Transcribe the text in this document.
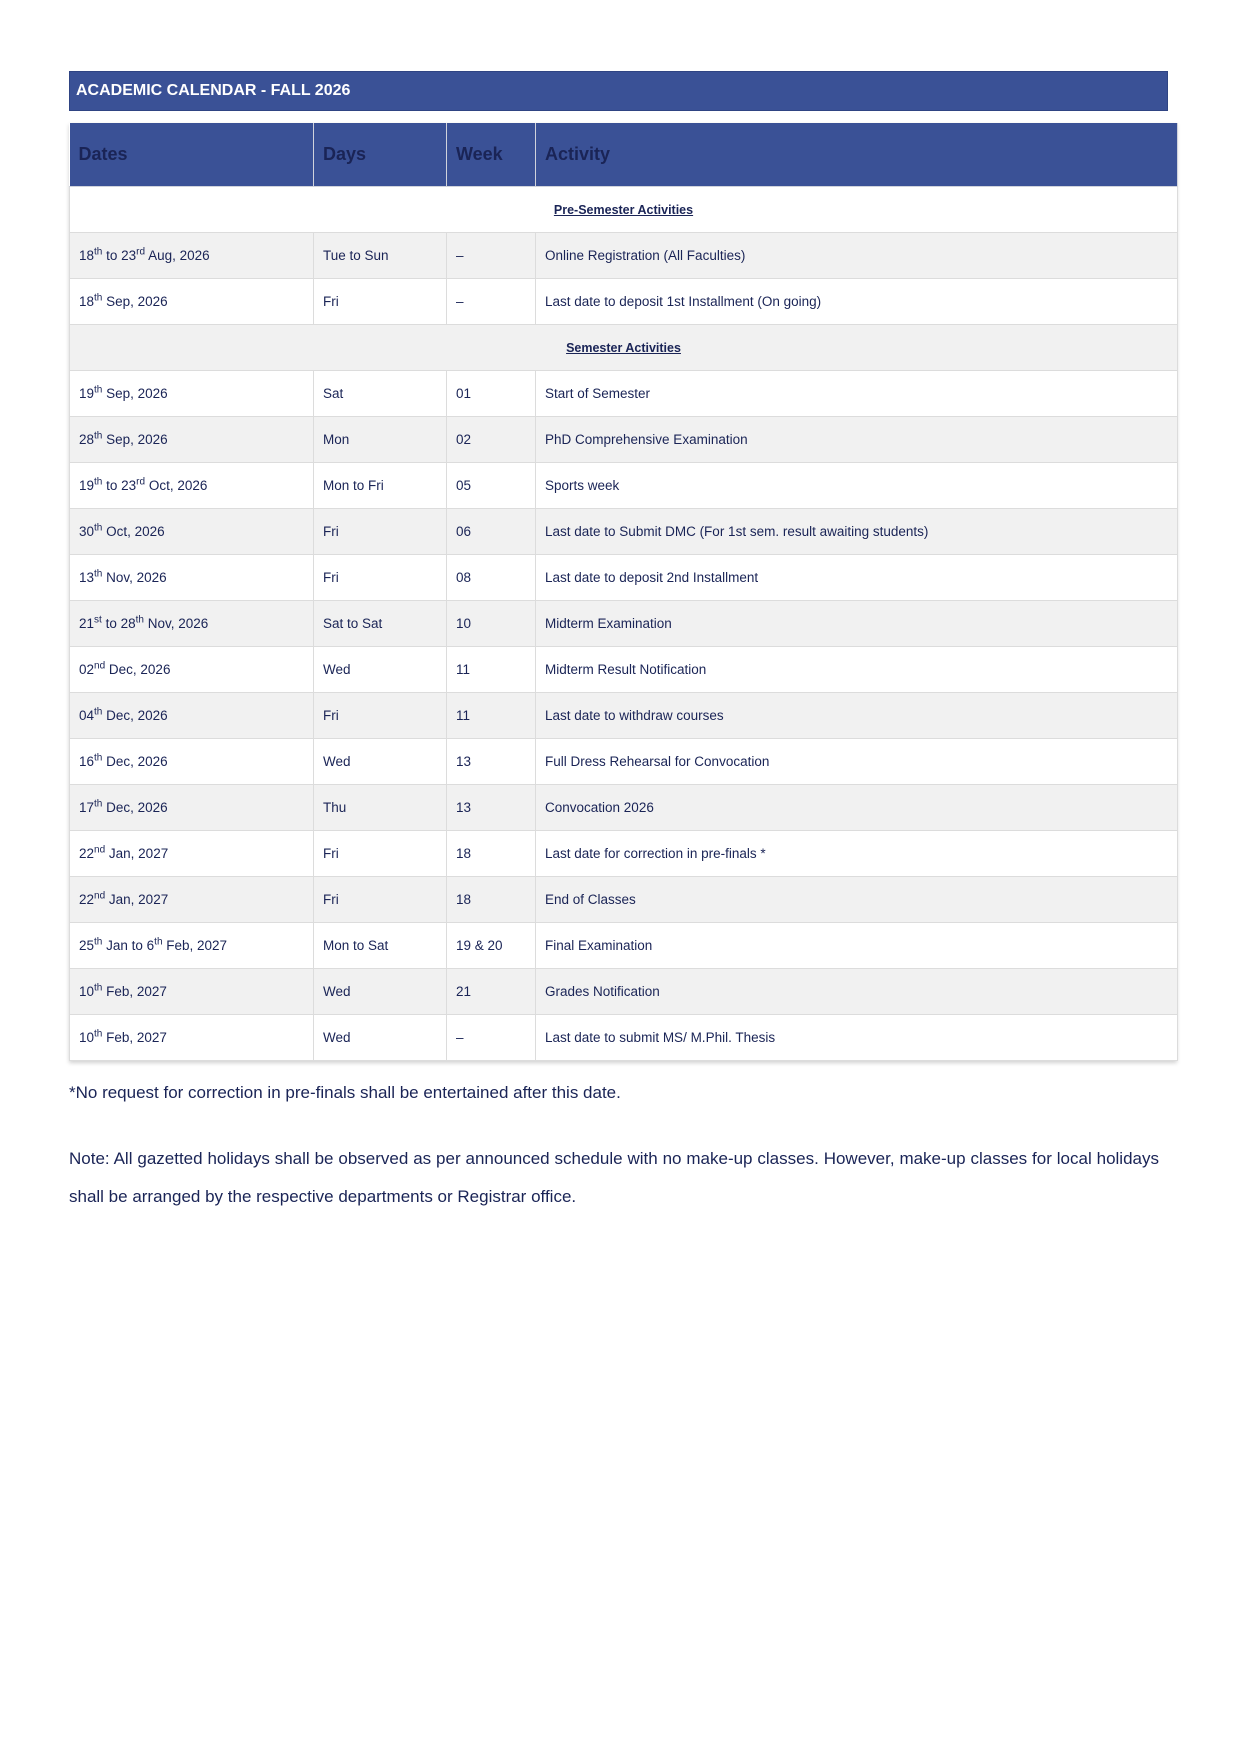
ACADEMIC CALENDAR - FALL 2026
Dates	Days	Week	Activity
Pre-Semester Activities			
18th to 23rd Aug, 2026	Tue to Sun	–	Online Registration (All Faculties)
18th Sep, 2026	Fri	–	Last date to deposit 1st Installment (On going)
Semester Activities			
19th Sep, 2026	Sat	01	Start of Semester
28th Sep, 2026	Mon	02	PhD Comprehensive Examination
19th to 23rd Oct, 2026	Mon to Fri	05	Sports week
30th Oct, 2026	Fri	06	Last date to Submit DMC (For 1st sem. result awaiting students)
13th Nov, 2026	Fri	08	Last date to deposit 2nd Installment
21st to 28th Nov, 2026	Sat to Sat	10	Midterm Examination
02nd Dec, 2026	Wed	11	Midterm Result Notification
04th Dec, 2026	Fri	11	Last date to withdraw courses
16th Dec, 2026	Wed	13	Full Dress Rehearsal for Convocation
17th Dec, 2026	Thu	13	Convocation 2026
22nd Jan, 2027	Fri	18	Last date for correction in pre-finals *
22nd Jan, 2027	Fri	18	End of Classes
25th Jan to 6th Feb, 2027	Mon to Sat	19 & 20	Final Examination
10th Feb, 2027	Wed	21	Grades Notification
10th Feb, 2027	Wed	–	Last date to submit MS/ M.Phil. Thesis
*No request for correction in pre-finals shall be entertained after this date.
Note: All gazetted holidays shall be observed as per announced schedule with no make-up classes. However, make-up classes for local holidays shall be arranged by the respective departments or Registrar office.
